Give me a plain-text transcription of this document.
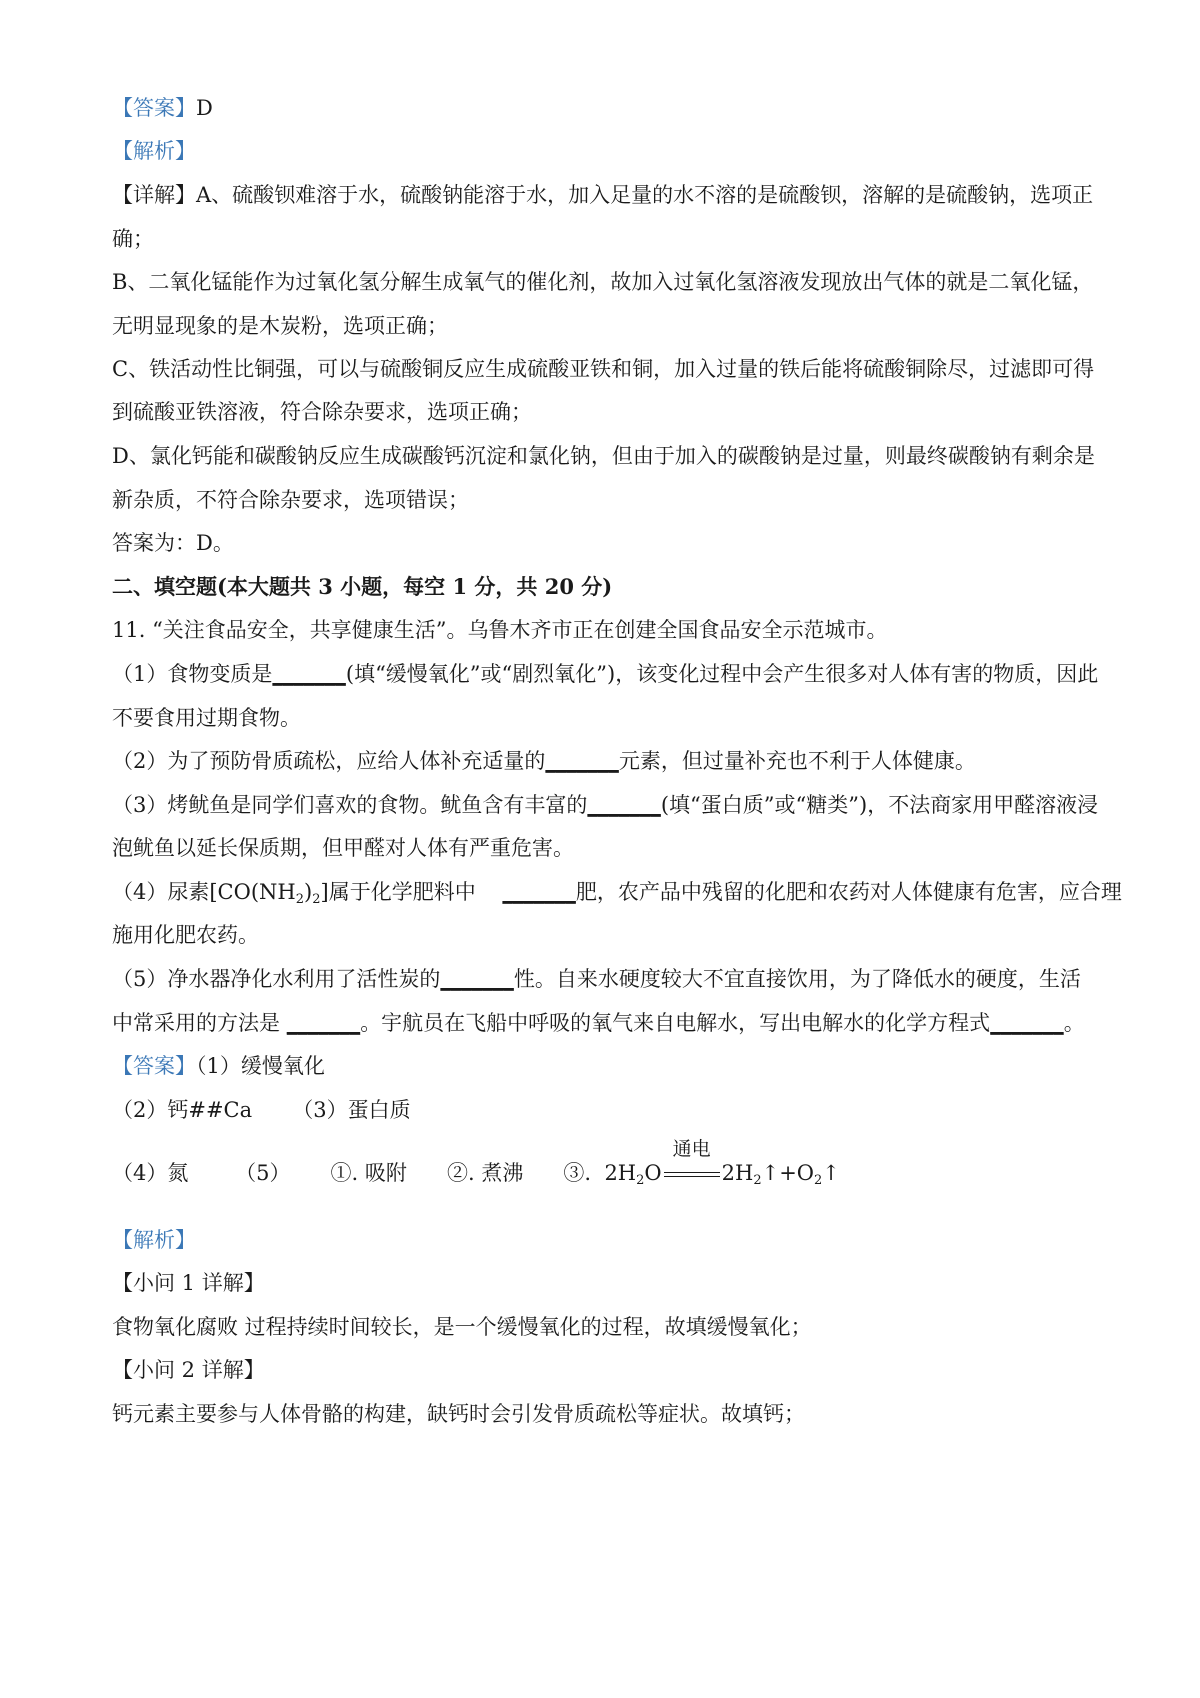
【答案】D
【解析】
【详解】A、硫酸钡难溶于水，硫酸钠能溶于水，加入足量的水不溶的是硫酸钡，溶解的是硫酸钠，选项正
确；
B、二氧化锰能作为过氧化氢分解生成氧气的催化剂，故加入过氧化氢溶液发现放出气体的就是二氧化锰，
无明显现象的是木炭粉，选项正确；
C、铁活动性比铜强，可以与硫酸铜反应生成硫酸亚铁和铜，加入过量的铁后能将硫酸铜除尽，过滤即可得
到硫酸亚铁溶液，符合除杂要求，选项正确；
D、氯化钙能和碳酸钠反应生成碳酸钙沉淀和氯化钠，但由于加入的碳酸钠是过量，则最终碳酸钠有剩余是
新杂质，不符合除杂要求，选项错误；
答案为：D。
二、填空题(本大题共 3 小题，每空 1 分，共 20 分)
11. “关注食品安全，共享健康生活”。乌鲁木齐市正在创建全国食品安全示范城市。
（1）食物变质是_______(填“缓慢氧化”或“剧烈氧化”)，该变化过程中会产生很多对人体有害的物质，因此
不要食用过期食物。
（2）为了预防骨质疏松，应给人体补充适量的_______元素，但过量补充也不利于人体健康。
（3）烤鱿鱼是同学们喜欢的食物。鱿鱼含有丰富的_______(填“蛋白质”或“糖类”)，不法商家用甲醛溶液浸
泡鱿鱼以延长保质期，但甲醛对人体有严重危害。
（4）尿素$[CO(NH_2)_2]$属于化学肥料中 _______肥，农产品中残留的化肥和农药对人体健康有危害，应合理
施用化肥农药。
（5）净水器净化水利用了活性炭的_______性。自来水硬度较大不宜直接饮用，为了降低水的硬度，生活
中常采用的方法是 _______。宇航员在飞船中呼吸的氧气来自电解水，写出电解水的化学方程式_______。
【答案】（1）缓慢氧化
（2）钙##Ca （3）蛋白质
（4）氮 （5） ①. 吸附 ②. 煮沸 ③. $2H_2O$
通电
$2H_2↑+O_2↑$
【解析】
【小问 1 详解】
食物氧化腐败 过程持续时间较长，是一个缓慢氧化的过程，故填缓慢氧化；
【小问 2 详解】
钙元素主要参与人体骨骼的构建，缺钙时会引发骨质疏松等症状。故填钙；
